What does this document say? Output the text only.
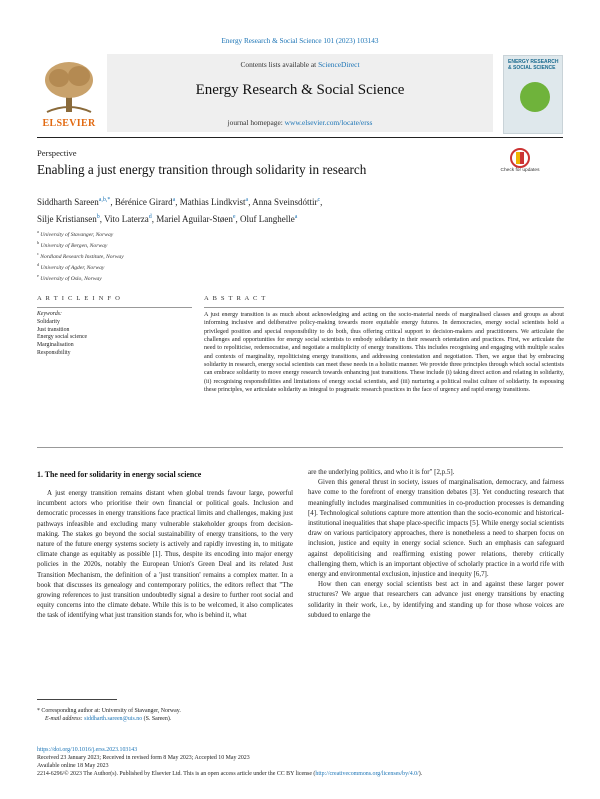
Energy Research & Social Science 101 (2023) 103143
ELSEVIER
Contents lists available at ScienceDirect
Energy Research & Social Science
journal homepage: www.elsevier.com/locate/erss
ENERGY RESEARCH & SOCIAL SCIENCE
Perspective
Enabling a just energy transition through solidarity in research	Check for updates
Siddharth Sareen$^{a,b,*}$, Bérénice Girard$^a$, Mathias Lindkvist$^a$, Anna Sveinsdóttir$^c$,
Silje Kristiansen$^b$, Vito Laterza$^d$, Mariel Aguilar-Støen$^e$, Oluf Langhelle$^a$
$^a$ University of Stavanger, Norway
$^b$ University of Bergen, Norway
$^c$ Nordland Research Institute, Norway
$^d$ University of Agder, Norway
$^e$ University of Oslo, Norway
A R T I C L E I N F O	A B S T R A C T
Keywords:
Solidarity
Just transition
Energy social science
Marginalisation
Responsibility
A just energy transition is as much about acknowledging and acting on the socio-material needs of marginalised classes and groups as about informing inclusive and deliberative policy-making towards more equitable energy futures. In democracies, energy social scientists hold a privileged position and special responsibility to do both, thus offering critical support to decision-makers and practitioners. We articulate the challenges and opportunities for energy social scientists to embody solidarity in their research orientation and practices. First, we articulate the need to repoliticise, redemocratise, and negotiate a multiplicity of energy transitions. This includes recognising and engaging with multiple scales and contexts of marginality, repoliticising energy transitions, and addressing contestation and negotiation. Then, we argue that by embracing solidarity in research, energy social scientists can meet these needs in a holistic manner. We provide three principles through which social scientists can embrace solidarity to move energy research towards enhancing just transitions. These include (i) taking direct action and relating in solidarity, (ii) recognising responsibilities and limitations of energy social scientists, and (iii) nurturing a political realist culture of solidarity. In espousing these principles, we articulate solidarity as integral to pragmatic research practices in the face of urgency and rapid energy transitions.
1. The need for solidarity in energy social science

A just energy transition remains distant when global trends favour large, powerful incumbent actors who prioritise their own financial or political goals. Inclusion and democratic processes in energy transitions face practical limits and challenges, making just pathways infeasible and excluding many vulnerable stakeholder groups from decision-making. The stakes go beyond the social sustainability of energy transitions, to the very nature of the future energy systems society is actively and rapidly investing in, to mitigate climate change as equitably as possible [1]. Thus, despite its encoding into major energy policies in the 2020s, notably the European Union's Green Deal and its related Just Transition Mechanism, the definition of a 'just transition' remains a complex matter. In a book that discusses its genealogy and contemporary politics, the editors reflect that "The growing references to just transition undoubtedly signal a desire to further root social and equity concerns into the climate debate. While this is to be welcomed, it also complicates the task of identifying what just transition stands for, who is behind it, what

are the underlying politics, and who it is for" [2,p.5].

Given this general thrust in society, issues of marginalisation, democracy, and fairness have come to the forefront of energy transition debates [3]. Yet conducting research that meaningfully includes marginalised communities in co-production processes is demanding [4]. Technological solutions capture more attention than the socio-economic and historical-institutional inequalities that shape place-specific impacts [5]. While energy social scientists draw on various participatory approaches, there is nonetheless a need to sharpen focus on inclusion, justice and equity in energy social science. Such an emphasis can safeguard against depoliticising and reaffirming existing power relations, thereby critically challenging them, which is an important objective of scholarly practice in a world rife with energy and environmental exclusion, injustice and inequity [6,7].

How then can energy social scientists best act in and against these larger power structures? We argue that researchers can advance just energy transitions by enacting solidarity in their work, i.e., by identifying and standing up for those whose voices are subdued to enlarge the

* Corresponding author at: University of Stavanger, Norway.
E-mail address: siddharth.sareen@uis.no (S. Sareen).
https://doi.org/10.1016/j.erss.2023.103143
Received 23 January 2023; Received in revised form 8 May 2023; Accepted 10 May 2023
Available online 18 May 2023
2214-6296/© 2023 The Author(s). Published by Elsevier Ltd. This is an open access article under the CC BY license (http://creativecommons.org/licenses/by/4.0/).
